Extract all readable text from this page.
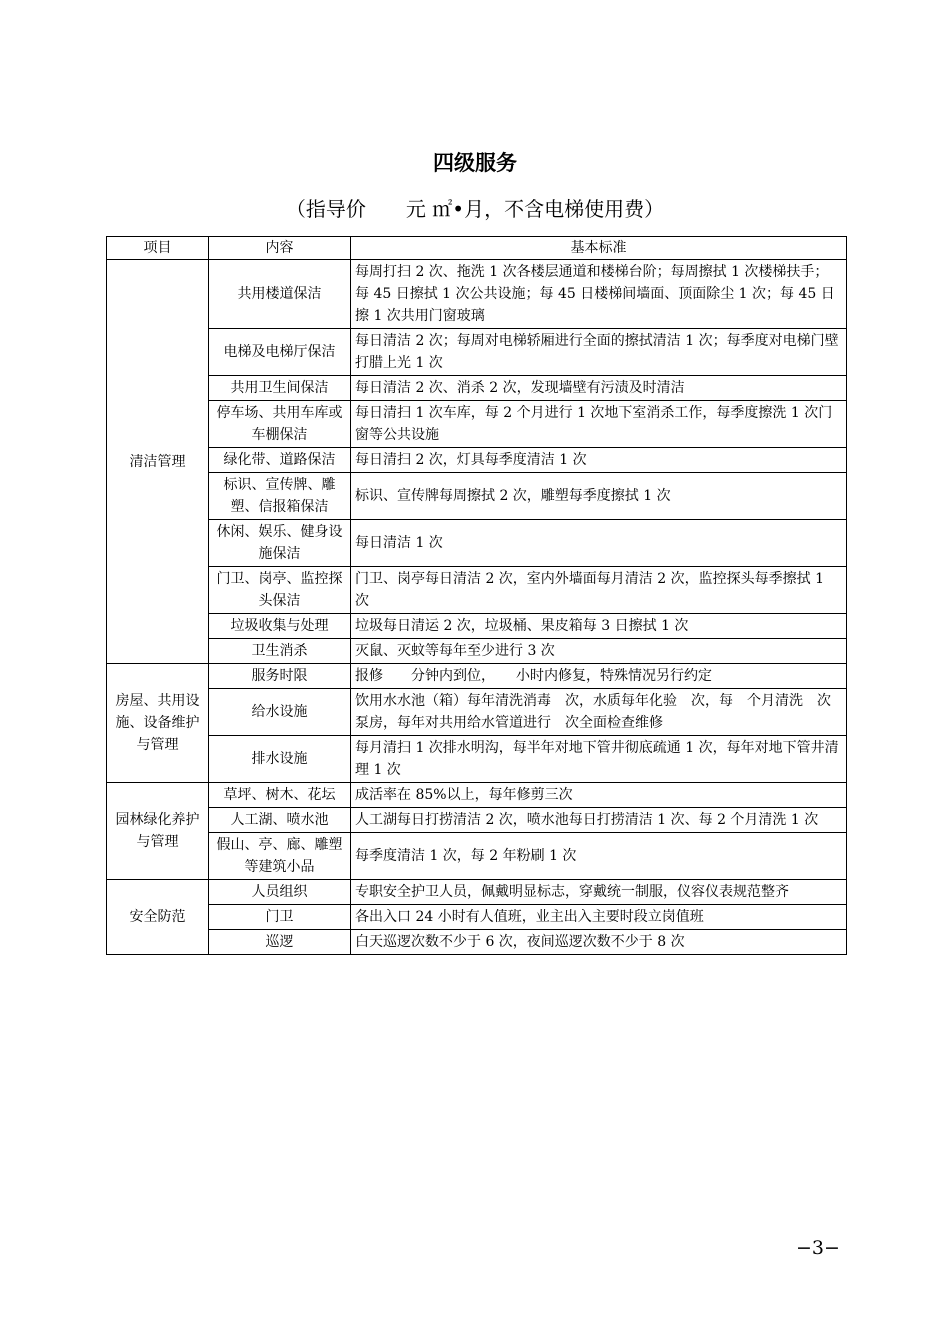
四级服务
（指导价　　元 ㎡•月，不含电梯使用费）
项目	内容	基本标准
清洁管理	共用楼道保洁	每周打扫 2 次、拖洗 1 次各楼层通道和楼梯台阶；每周擦拭 1 次楼梯扶手；每 45 日擦拭 1 次公共设施；每 45 日楼梯间墙面、顶面除尘 1 次；每 45 日擦 1 次共用门窗玻璃
	电梯及电梯厅保洁	每日清洁 2 次；每周对电梯轿厢进行全面的擦拭清洁 1 次；每季度对电梯门壁打腊上光 1 次
	共用卫生间保洁	每日清洁 2 次、消杀 2 次，发现墙壁有污渍及时清洁
	停车场、共用车库或车棚保洁	每日清扫 1 次车库，每 2 个月进行 1 次地下室消杀工作，每季度擦洗 1 次门窗等公共设施
	绿化带、道路保洁	每日清扫 2 次，灯具每季度清洁 1 次
	标识、宣传牌、雕塑、信报箱保洁	标识、宣传牌每周擦拭 2 次，雕塑每季度擦拭 1 次
	休闲、娱乐、健身设施保洁	每日清洁 1 次
	门卫、岗亭、监控探头保洁	门卫、岗亭每日清洁 2 次，室内外墙面每月清洁 2 次，监控探头每季擦拭 1 次
	垃圾收集与处理	垃圾每日清运 2 次，垃圾桶、果皮箱每 3 日擦拭 1 次
	卫生消杀	灭鼠、灭蚊等每年至少进行 3 次
房屋、共用设施、设备维护与管理	服务时限	报修　　分钟内到位，　　小时内修复，特殊情况另行约定
	给水设施	饮用水水池（箱）每年清洗消毒　次，水质每年化验　次，每　个月清洗　次泵房，每年对共用给水管道进行　次全面检查维修
	排水设施	每月清扫 1 次排水明沟，每半年对地下管井彻底疏通 1 次，每年对地下管井清理 1 次
园林绿化养护与管理	草坪、树木、花坛	成活率在 85%以上，每年修剪三次
	人工湖、喷水池	人工湖每日打捞清洁 2 次，喷水池每日打捞清洁 1 次、每 2 个月清洗 1 次
	假山、亭、廊、雕塑等建筑小品	每季度清洁 1 次，每 2 年粉刷 1 次
安全防范	人员组织	专职安全护卫人员，佩戴明显标志，穿戴统一制服，仪容仪表规范整齐
	门卫	各出入口 24 小时有人值班，业主出入主要时段立岗值班
	巡逻	白天巡逻次数不少于 6 次，夜间巡逻次数不少于 8 次
−3−
